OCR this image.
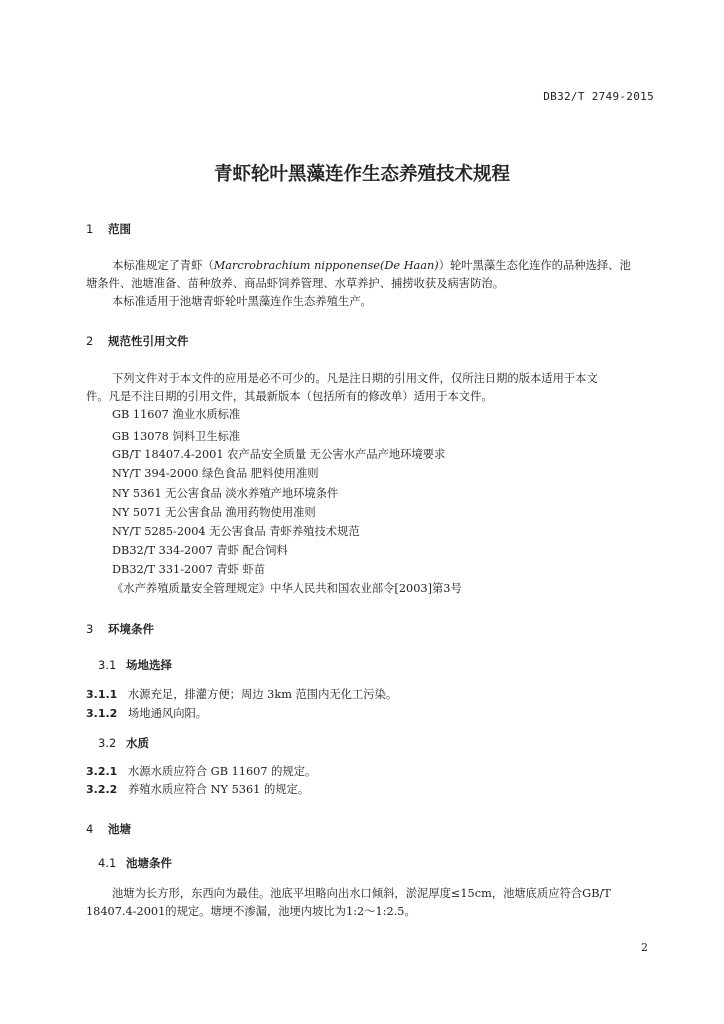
DB32/T 2749-2015
青虾轮叶黑藻连作生态养殖技术规程
1 范围
本标准规定了青虾（Marcrobrachium nipponense(De Haan)）轮叶黑藻生态化连作的品种选择、池
塘条件、池塘准备、苗种放养、商品虾饲养管理、水草养护、捕捞收获及病害防治。
本标准适用于池塘青虾轮叶黑藻连作生态养殖生产。
2 规范性引用文件
下列文件对于本文件的应用是必不可少的。凡是注日期的引用文件，仅所注日期的版本适用于本文
件。凡是不注日期的引用文件，其最新版本（包括所有的修改单）适用于本文件。
GB 11607 渔业水质标准
GB 13078 饲料卫生标准
GB/T 18407.4-2001 农产品安全质量 无公害水产品产地环境要求
NY/T 394-2000 绿色食品 肥料使用准则
NY 5361 无公害食品 淡水养殖产地环境条件
NY 5071 无公害食品 渔用药物使用准则
NY/T 5285-2004 无公害食品 青虾养殖技术规范
DB32/T 334-2007 青虾 配合饲料
DB32/T 331-2007 青虾 虾苗
《水产养殖质量安全管理规定》中华人民共和国农业部令[2003]第3号
3 环境条件
3.1 场地选择
3.1.1 水源充足，排灌方便；周边 3km 范围内无化工污染。
3.1.2 场地通风向阳。
3.2 水质
3.2.1 水源水质应符合 GB 11607 的规定。
3.2.2 养殖水质应符合 NY 5361 的规定。
4 池塘
4.1 池塘条件
池塘为长方形，东西向为最佳。池底平坦略向出水口倾斜，淤泥厚度≤15cm，池塘底质应符合GB/T
18407.4-2001的规定。塘埂不渗漏，池埂内坡比为1:2～1:2.5。
2
